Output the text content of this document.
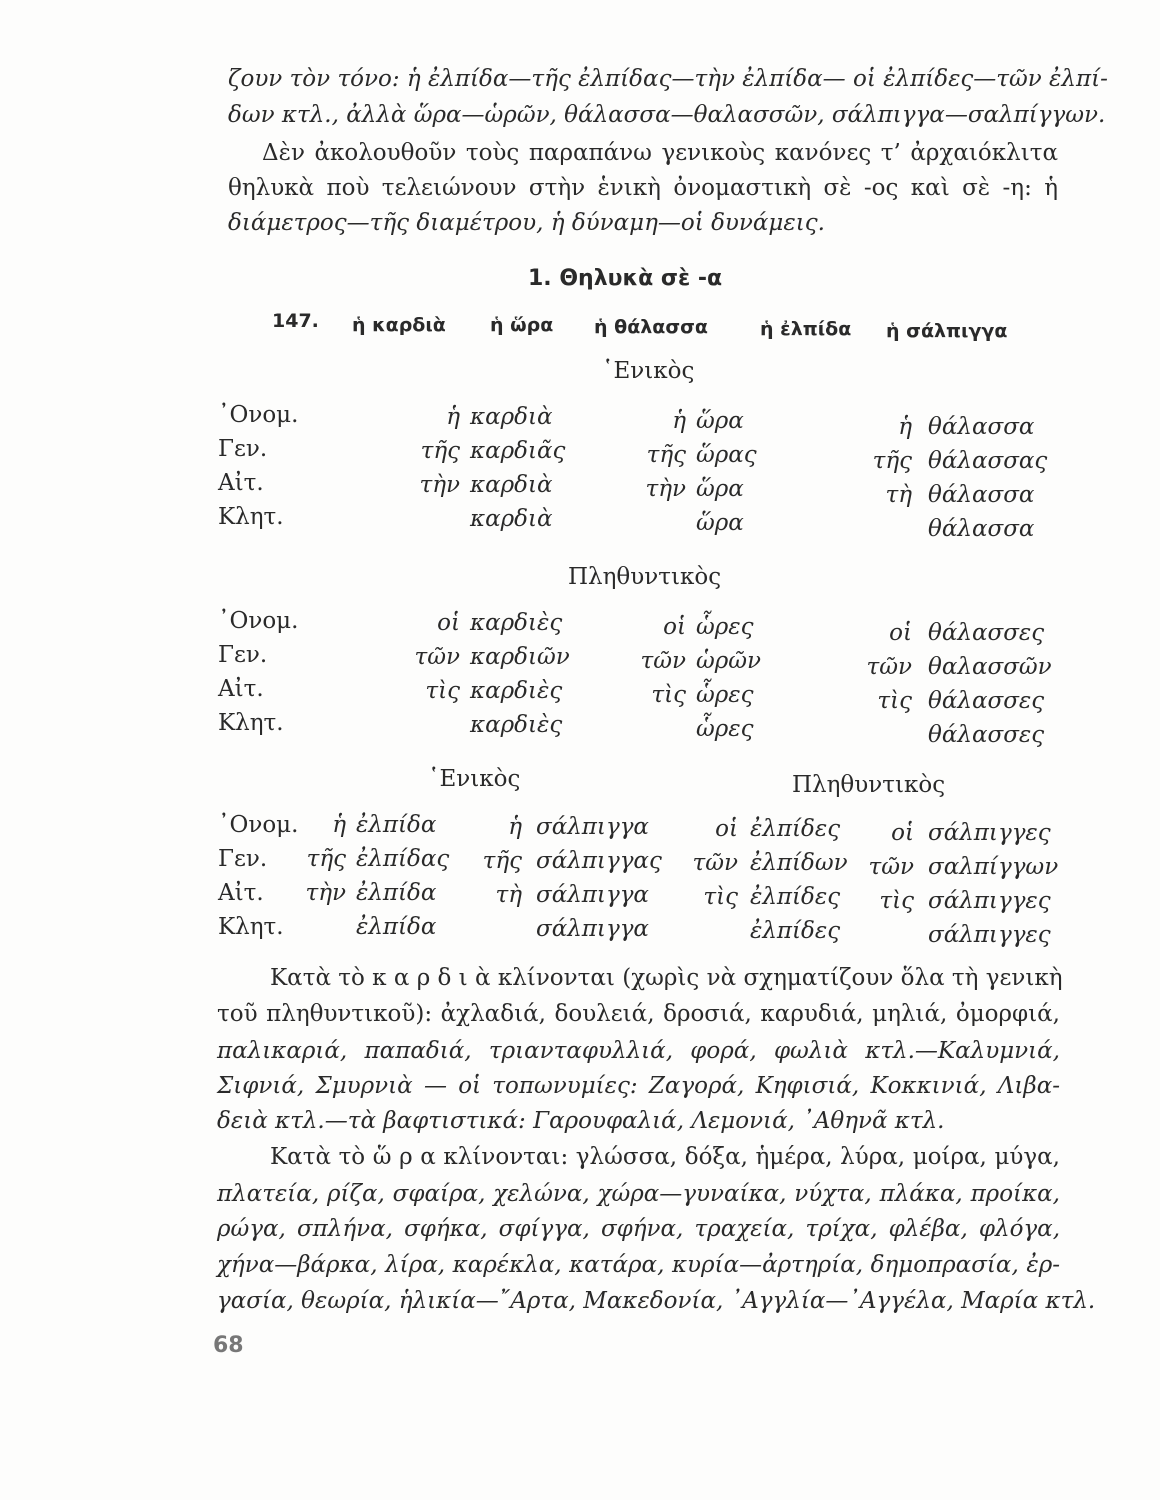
ζουν τὸν τόνο: ἡ ἐλπίδα—τῆς ἐλπίδας—τὴν ἐλπίδα— οἱ ἐλπίδες—τῶν ἐλπί-
δων κτλ., ἀλλὰ ὥρα—ὡρῶν, θάλασσα—θαλασσῶν, σάλπιγγα—σαλπίγγων.
Δὲν ἀκολουθοῦν τοὺς παραπάνω γενικοὺς κανόνες τ’ ἀρχαιόκλιτα
θηλυκὰ ποὺ τελειώνουν στὴν ἑνικὴ ὀνομαστικὴ σὲ -ος καὶ σὲ -η: ἡ
διάμετρος—τῆς διαμέτρου, ἡ δύναμη—οἱ δυνάμεις.
1. Θηλυκὰ σὲ -α
147. ἡ καρδιὰ ἡ ὥρα ἡ θάλασσα	ἡ ἐλπίδα ἡ σάλπιγγα
῾Ενικὸς
᾽Ονομ.
Γεν.
Αἰτ.
Κλητ.
ἡ
τῆς
τὴν
καρδιὰ
καρδιᾶς
καρδιὰ
καρδιὰ
ἡ
τῆς
τὴν
ὥρα
ὥρας
ὥρα
ὥρα
ἡ
τῆς
τὴ
θάλασσα
θάλασσας
θάλασσα
θάλασσα
Πληθυντικὸς
᾽Ονομ.
Γεν.
Αἰτ.
Κλητ.
οἱ
τῶν
τὶς
καρδιὲς
καρδιῶν
καρδιὲς
καρδιὲς
οἱ
τῶν
τὶς
ὧρες
ὡρῶν
ὧρες
ὧρες
οἱ
τῶν
τὶς
θάλασσες
θαλασσῶν
θάλασσες
θάλασσες
῾Ενικὸς	Πληθυντικὸς
᾽Ονομ.
Γεν.
Αἰτ.
Κλητ.
ἡ
τῆς
τὴν
ἐλπίδα
ἐλπίδας
ἐλπίδα
ἐλπίδα
ἡ
τῆς
τὴ
σάλπιγγα
σάλπιγγας
σάλπιγγα
σάλπιγγα
οἱ
τῶν
τὶς
ἐλπίδες
ἐλπίδων
ἐλπίδες
ἐλπίδες
οἱ
τῶν
τὶς
σάλπιγγες
σαλπίγγων
σάλπιγγες
σάλπιγγες
Κατὰ τὸ κ α ρ δ ι ὰ κλίνονται (χωρὶς νὰ σχηματίζουν ὅλα τὴ γενικὴ
τοῦ πληθυντικοῦ): ἀχλαδιά, δουλειά, δροσιά, καρυδιά, μηλιά, ὀμορφιά,
παλικαριά, παπαδιά, τριανταφυλλιά, φορά, φωλιὰ κτλ.—Καλυμνιά,
Σιφνιά, Σμυρνιὰ — οἱ τοπωνυμίες: Ζαγορά, Κηφισιά, Κοκκινιά, Λιβα-
δειὰ κτλ.—τὰ βαφτιστικά: Γαρουφαλιά, Λεμονιά, ᾽Αθηνᾶ κτλ.
Κατὰ τὸ ὥ ρ α κλίνονται: γλώσσα, δόξα, ἡμέρα, λύρα, μοίρα, μύγα,
πλατεία, ρίζα, σφαίρα, χελώνα, χώρα—γυναίκα, νύχτα, πλάκα, προίκα,
ρώγα, σπλήνα, σφήκα, σφίγγα, σφήνα, τραχεία, τρίχα, φλέβα, φλόγα,
χήνα—βάρκα, λίρα, καρέκλα, κατάρα, κυρία—ἀρτηρία, δημοπρασία, ἐρ-
γασία, θεωρία, ἡλικία—῎Αρτα, Μακεδονία, ᾽Αγγλία—᾽Αγγέλα, Μαρία κτλ.
68
